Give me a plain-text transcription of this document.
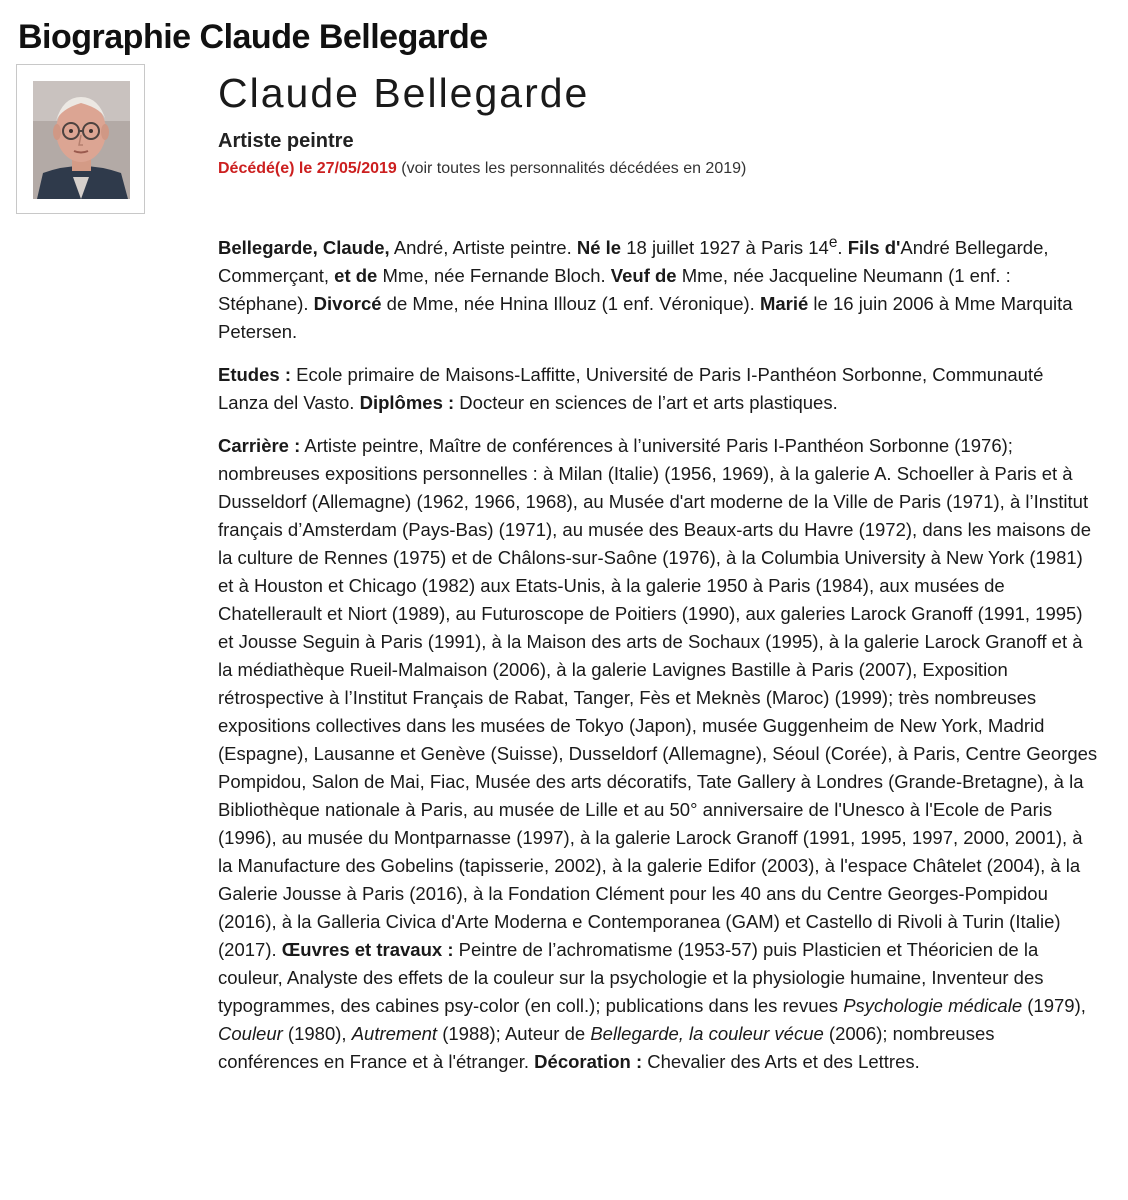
Biographie Claude Bellegarde
Claude Bellegarde
Artiste peintre
Décédé(e) le 27/05/2019 (voir toutes les personnalités décédées en 2019)

Bellegarde, Claude, André, Artiste peintre. Né le 18 juillet 1927 à Paris 14e. Fils d'André Bellegarde, Commerçant, et de Mme, née Fernande Bloch. Veuf de Mme, née Jacqueline Neumann (1 enf. : Stéphane). Divorcé de Mme, née Hnina Illouz (1 enf. Véronique). Marié le 16 juin 2006 à Mme Marquita Petersen.

Etudes : Ecole primaire de Maisons-Laffitte, Université de Paris I-Panthéon Sorbonne, Communauté Lanza del Vasto. Diplômes : Docteur en sciences de l’art et arts plastiques.

Carrière : Artiste peintre, Maître de conférences à l’université Paris I-Panthéon Sorbonne (1976); nombreuses expositions personnelles : à Milan (Italie) (1956, 1969), à la galerie A. Schoeller à Paris et à Dusseldorf (Allemagne) (1962, 1966, 1968), au Musée d'art moderne de la Ville de Paris (1971), à l’Institut français d’Amsterdam (Pays-Bas) (1971), au musée des Beaux-arts du Havre (1972), dans les maisons de la culture de Rennes (1975) et de Châlons-sur-Saône (1976), à la Columbia University à New York (1981) et à Houston et Chicago (1982) aux Etats-Unis, à la galerie 1950 à Paris (1984), aux musées de Chatellerault et Niort (1989), au Futuroscope de Poitiers (1990), aux galeries Larock Granoff (1991, 1995) et Jousse Seguin à Paris (1991), à la Maison des arts de Sochaux (1995), à la galerie Larock Granoff et à la médiathèque Rueil-Malmaison (2006), à la galerie Lavignes Bastille à Paris (2007), Exposition rétrospective à l’Institut Français de Rabat, Tanger, Fès et Meknès (Maroc) (1999); très nombreuses expositions collectives dans les musées de Tokyo (Japon), musée Guggenheim de New York, Madrid (Espagne), Lausanne et Genève (Suisse), Dusseldorf (Allemagne), Séoul (Corée), à Paris, Centre Georges Pompidou, Salon de Mai, Fiac, Musée des arts décoratifs, Tate Gallery à Londres (Grande-Bretagne), à la Bibliothèque nationale à Paris, au musée de Lille et au 50° anniversaire de l'Unesco à l'Ecole de Paris (1996), au musée du Montparnasse (1997), à la galerie Larock Granoff (1991, 1995, 1997, 2000, 2001), à la Manufacture des Gobelins (tapisserie, 2002), à la galerie Edifor (2003), à l'espace Châtelet (2004), à la Galerie Jousse à Paris (2016), à la Fondation Clément pour les 40 ans du Centre Georges-Pompidou (2016), à la Galleria Civica d'Arte Moderna e Contemporanea (GAM) et Castello di Rivoli à Turin (Italie) (2017). Œuvres et travaux : Peintre de l’achromatisme (1953-57) puis Plasticien et Théoricien de la couleur, Analyste des effets de la couleur sur la psychologie et la physiologie humaine, Inventeur des typogrammes, des cabines psy-color (en coll.); publications dans les revues Psychologie médicale (1979), Couleur (1980), Autrement (1988); Auteur de Bellegarde, la couleur vécue (2006); nombreuses conférences en France et à l'étranger. Décoration : Chevalier des Arts et des Lettres.
